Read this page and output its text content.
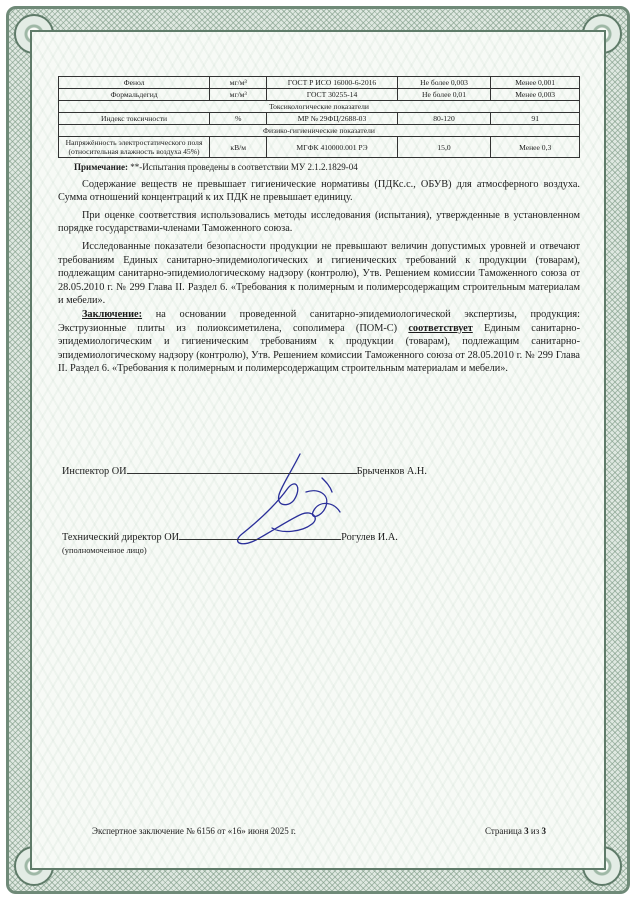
Фенол	мг/м³	ГОСТ Р ИСО 16000-6-2016	Не более 0,003	Менее 0,001
Формальдегид	мг/м³	ГОСТ 30255-14	Не более 0,01	Менее 0,003
Токсикологические показатели				
Индекс токсичности	%	МР № 29ФЦ/2688-03	80-120	91
Физико-гигиенические показатели				
Напряжённость электростатического поля (относительная влажность воздуха 45%)	кВ/м	МГФК 410000.001 РЭ	15,0	Менее 0,3
Примечание: **-Испытания проведены в соответствии МУ 2.1.2.1829-04

Содержание веществ не превышает гигиенические нормативы (ПДКс.с., ОБУВ) для атмосферного воздуха. Сумма отношений концентраций к их ПДК не превышает единицу.

При оценке соответствия использовались методы исследования (испытания), утвержденные в установленном порядке государствами-членами Таможенного союза.

Исследованные показатели безопасности продукции не превышают величин допустимых уровней и отвечают требованиям Единых санитарно-эпидемиологических и гигиенических требований к продукции (товарам), подлежащим санитарно-эпидемиологическому надзору (контролю), Утв. Решением комиссии Таможенного союза от 28.05.2010 г. № 299 Глава II. Раздел 6. «Требования к полимерным и полимерсодержащим строительным материалам и мебели».

Заключение: на основании проведенной санитарно-эпидемиологической экспертизы, продукция: Экструзионные плиты из полиоксиметилена, сополимера (ПОМ-С) соответствует Единым санитарно-эпидемиологическим и гигиеническим требованиям к продукции (товарам), подлежащим санитарно-эпидемиологическому надзору (контролю), Утв. Решением комиссии Таможенного союза от 28.05.2010 г. № 299 Глава II. Раздел 6. «Требования к полимерным и полимерсодержащим строительным материалам и мебели».

Инспектор ОИ	Брыченков А.Н.
Технический директор ОИ	Рогулев И.А.
(уполномоченное лицо)
Экспертное заключение № 6156 от «16» июня 2025 г.	Страница 3 из 3
